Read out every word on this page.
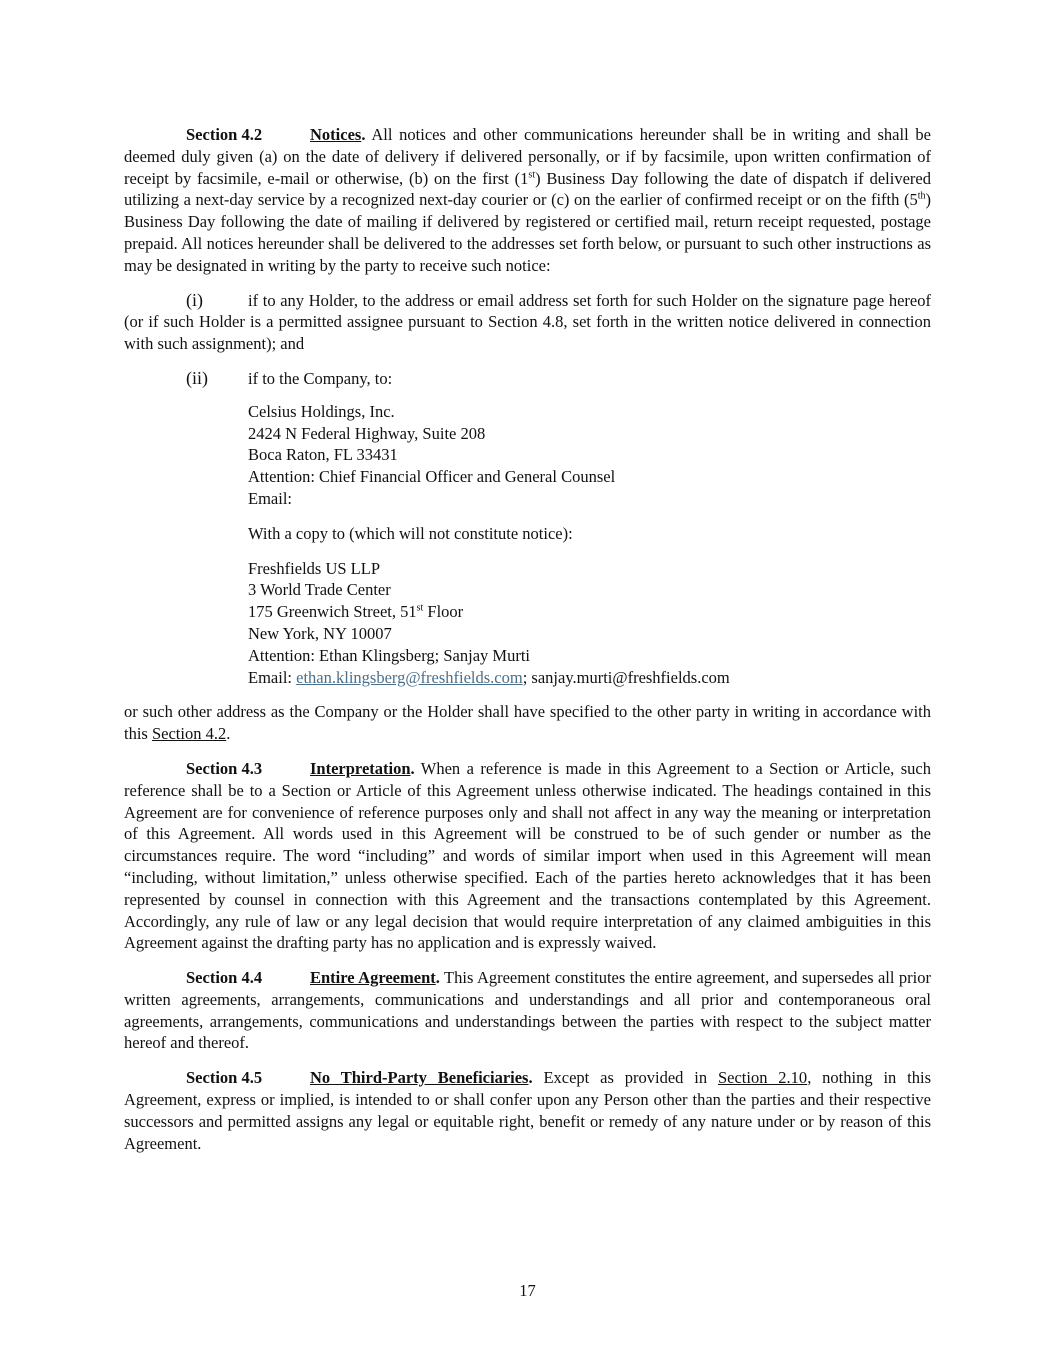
Section 4.2	Notices. All notices and other communications hereunder shall be in writing and shall be deemed duly given (a) on the date of delivery if delivered personally, or if by facsimile, upon written confirmation of receipt by facsimile, e-mail or otherwise, (b) on the first (1st) Business Day following the date of dispatch if delivered utilizing a next-day service by a recognized next-day courier or (c) on the earlier of confirmed receipt or on the fifth (5th) Business Day following the date of mailing if delivered by registered or certified mail, return receipt requested, postage prepaid. All notices hereunder shall be delivered to the addresses set forth below, or pursuant to such other instructions as may be designated in writing by the party to receive such notice:

(i)	if to any Holder, to the address or email address set forth for such Holder on the signature page hereof (or if such Holder is a permitted assignee pursuant to Section 4.8, set forth in the written notice delivered in connection with such assignment); and

(ii) if to the Company, to:

Celsius Holdings, Inc.
2424 N Federal Highway, Suite 208
Boca Raton, FL 33431
Attention: Chief Financial Officer and General Counsel
Email:
With a copy to (which will not constitute notice):
Freshfields US LLP
3 World Trade Center
175 Greenwich Street, 51st Floor
New York, NY 10007
Attention: Ethan Klingsberg; Sanjay Murti
Email: ethan.klingsberg@freshfields.com; sanjay.murti@freshfields.com

or such other address as the Company or the Holder shall have specified to the other party in writing in accordance with this Section 4.2.

Section 4.3	Interpretation. When a reference is made in this Agreement to a Section or Article, such reference shall be to a Section or Article of this Agreement unless otherwise indicated. The headings contained in this Agreement are for convenience of reference purposes only and shall not affect in any way the meaning or interpretation of this Agreement. All words used in this Agreement will be construed to be of such gender or number as the circumstances require. The word “including” and words of similar import when used in this Agreement will mean “including, without limitation,” unless otherwise specified. Each of the parties hereto acknowledges that it has been represented by counsel in connection with this Agreement and the transactions contemplated by this Agreement. Accordingly, any rule of law or any legal decision that would require interpretation of any claimed ambiguities in this Agreement against the drafting party has no application and is expressly waived.

Section 4.4	Entire Agreement. This Agreement constitutes the entire agreement, and supersedes all prior written agreements, arrangements, communications and understandings and all prior and contemporaneous oral agreements, arrangements, communications and understandings between the parties with respect to the subject matter hereof and thereof.

Section 4.5	No Third-Party Beneficiaries. Except as provided in Section 2.10, nothing in this Agreement, express or implied, is intended to or shall confer upon any Person other than the parties and their respective successors and permitted assigns any legal or equitable right, benefit or remedy of any nature under or by reason of this Agreement.

17
